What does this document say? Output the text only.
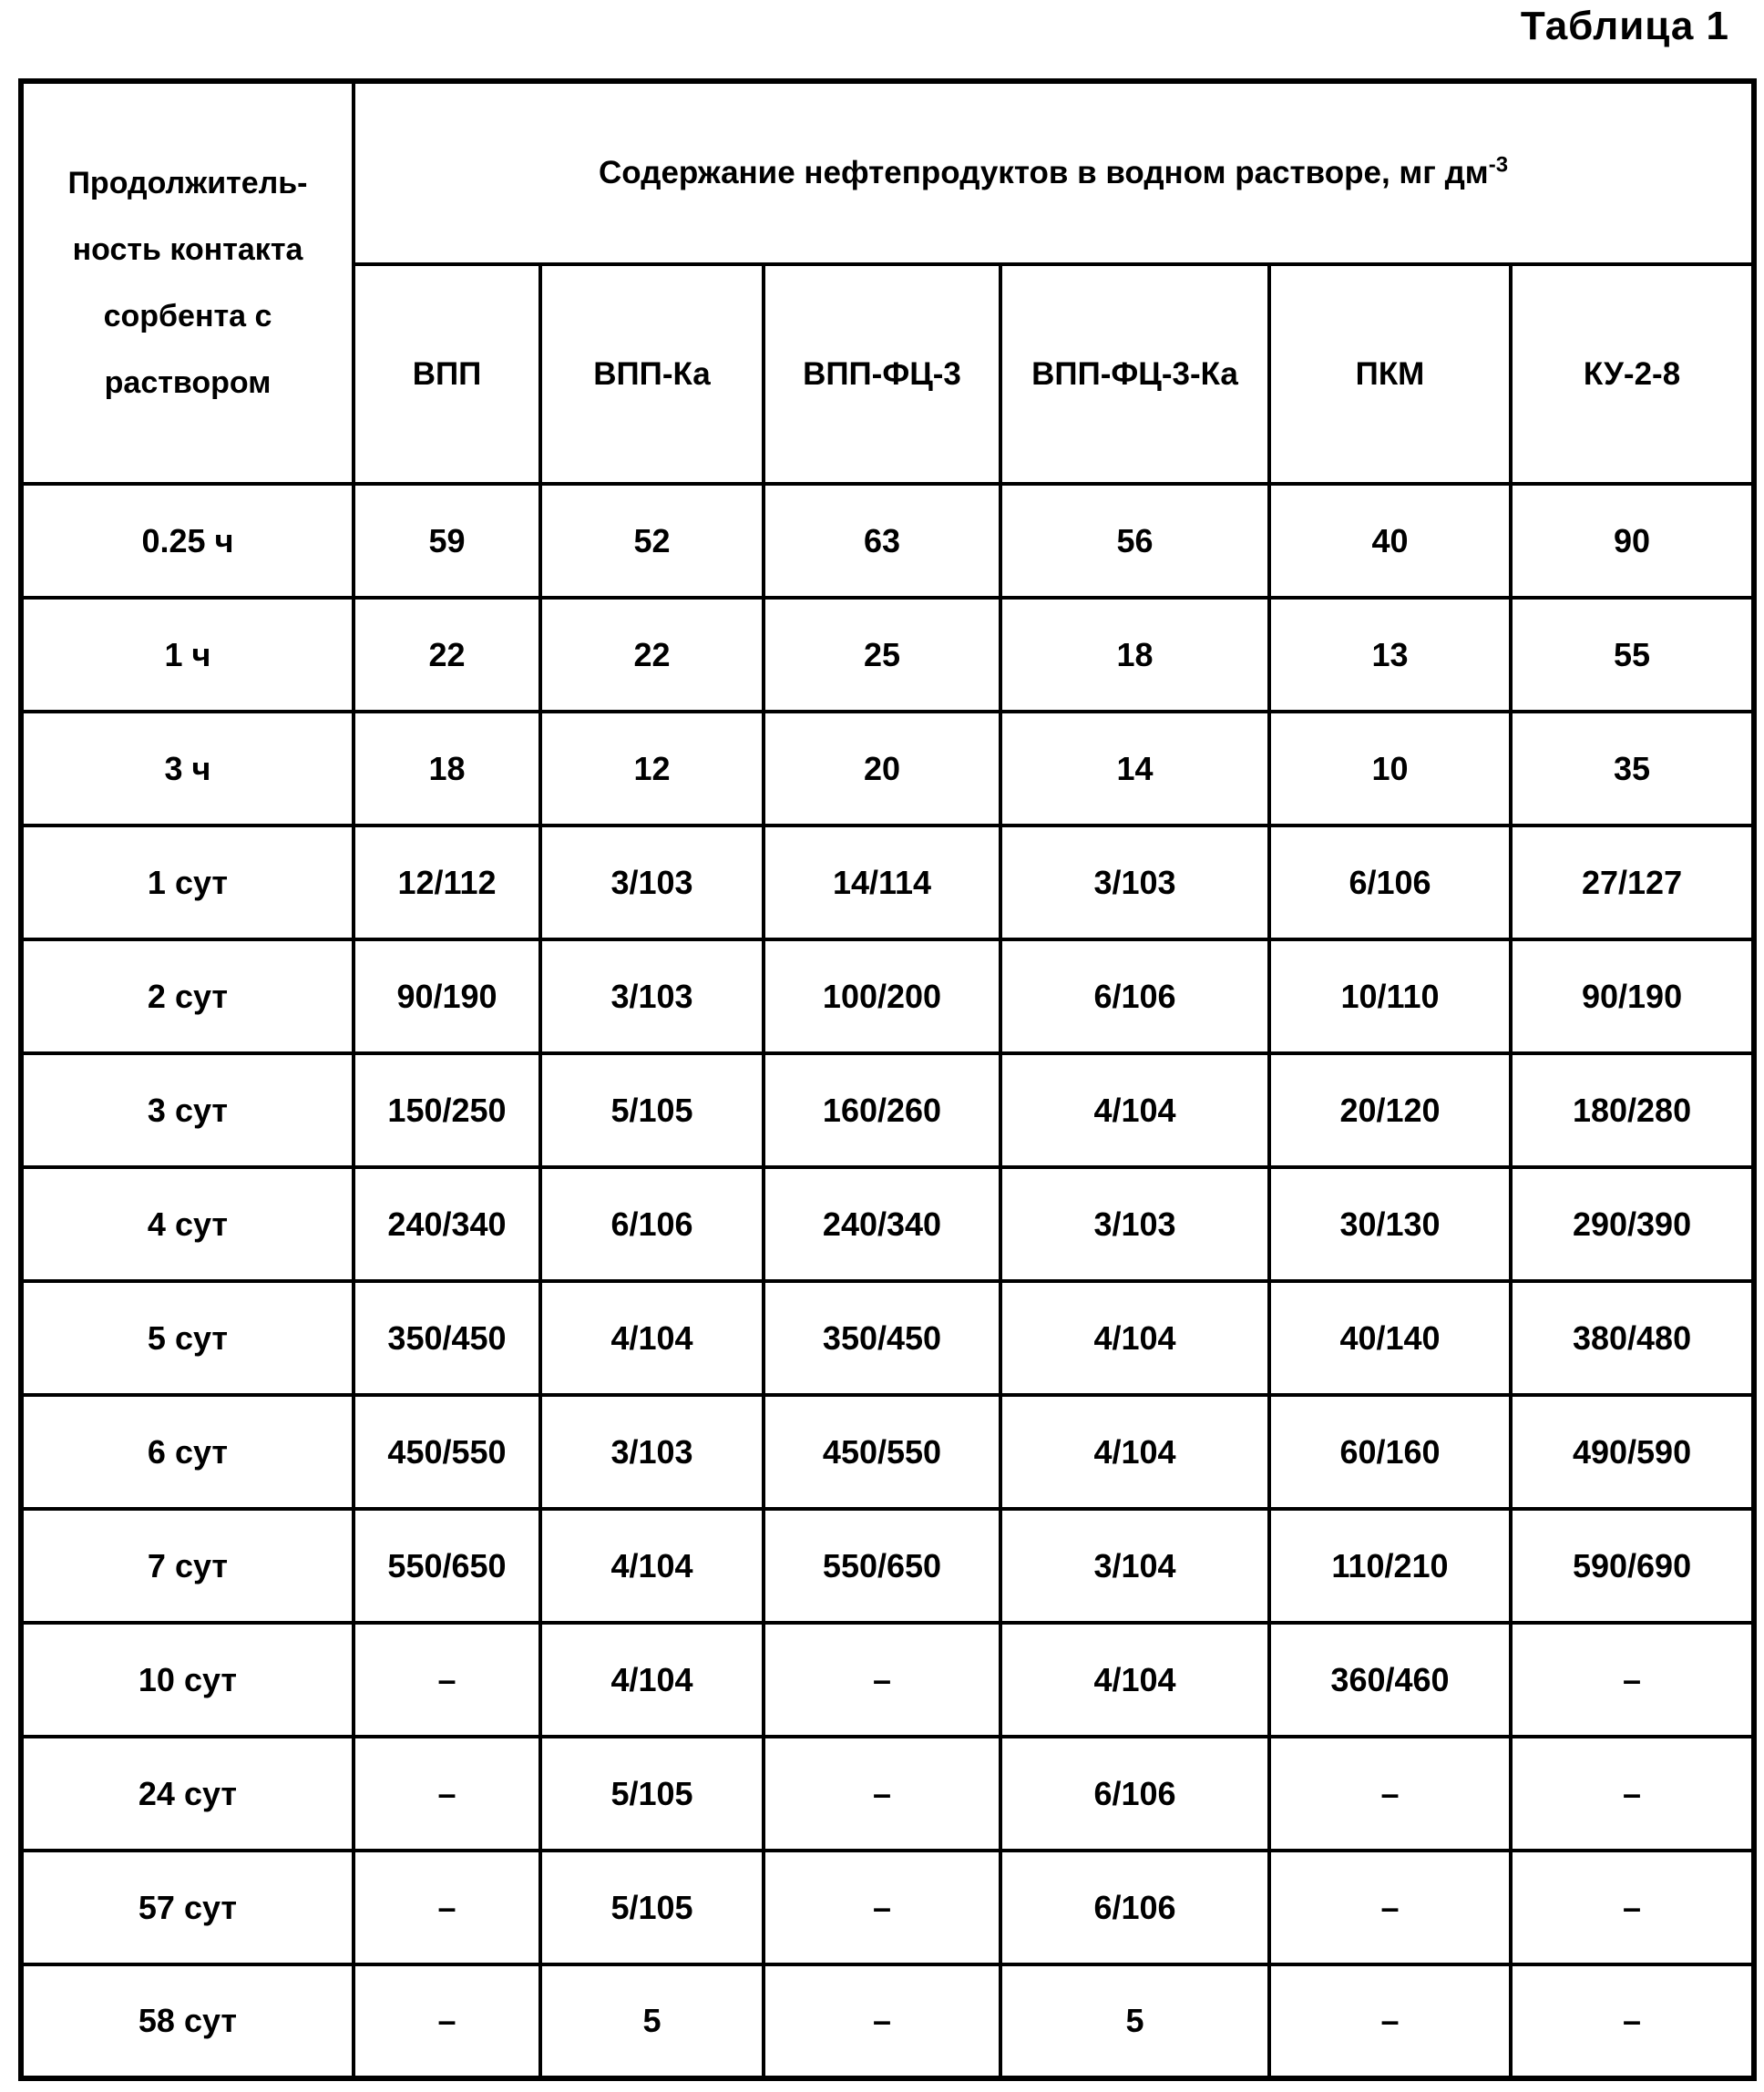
Таблица 1
Продолжитель-
ность контакта
сорбента с
раствором	Содержание нефтепродуктов в водном растворе, мг $дм^{-3}$
	ВПП	ВПП-Ка	ВПП-ФЦ-3	ВПП-ФЦ-3-Ка	ПКМ	КУ-2-8
0.25 ч	59	52	63	56	40	90
1 ч	22	22	25	18	13	55
3 ч	18	12	20	14	10	35
1 сут	12/112	3/103	14/114	3/103	6/106	27/127
2 сут	90/190	3/103	100/200	6/106	10/110	90/190
3 сут	150/250	5/105	160/260	4/104	20/120	180/280
4 сут	240/340	6/106	240/340	3/103	30/130	290/390
5 сут	350/450	4/104	350/450	4/104	40/140	380/480
6 сут	450/550	3/103	450/550	4/104	60/160	490/590
7 сут	550/650	4/104	550/650	3/104	110/210	590/690
10 сут	–	4/104	–	4/104	360/460	–
24 сут	–	5/105	–	6/106	–	–
57 сут	–	5/105	–	6/106	–	–
58 сут	–	5	–	5	–	–
